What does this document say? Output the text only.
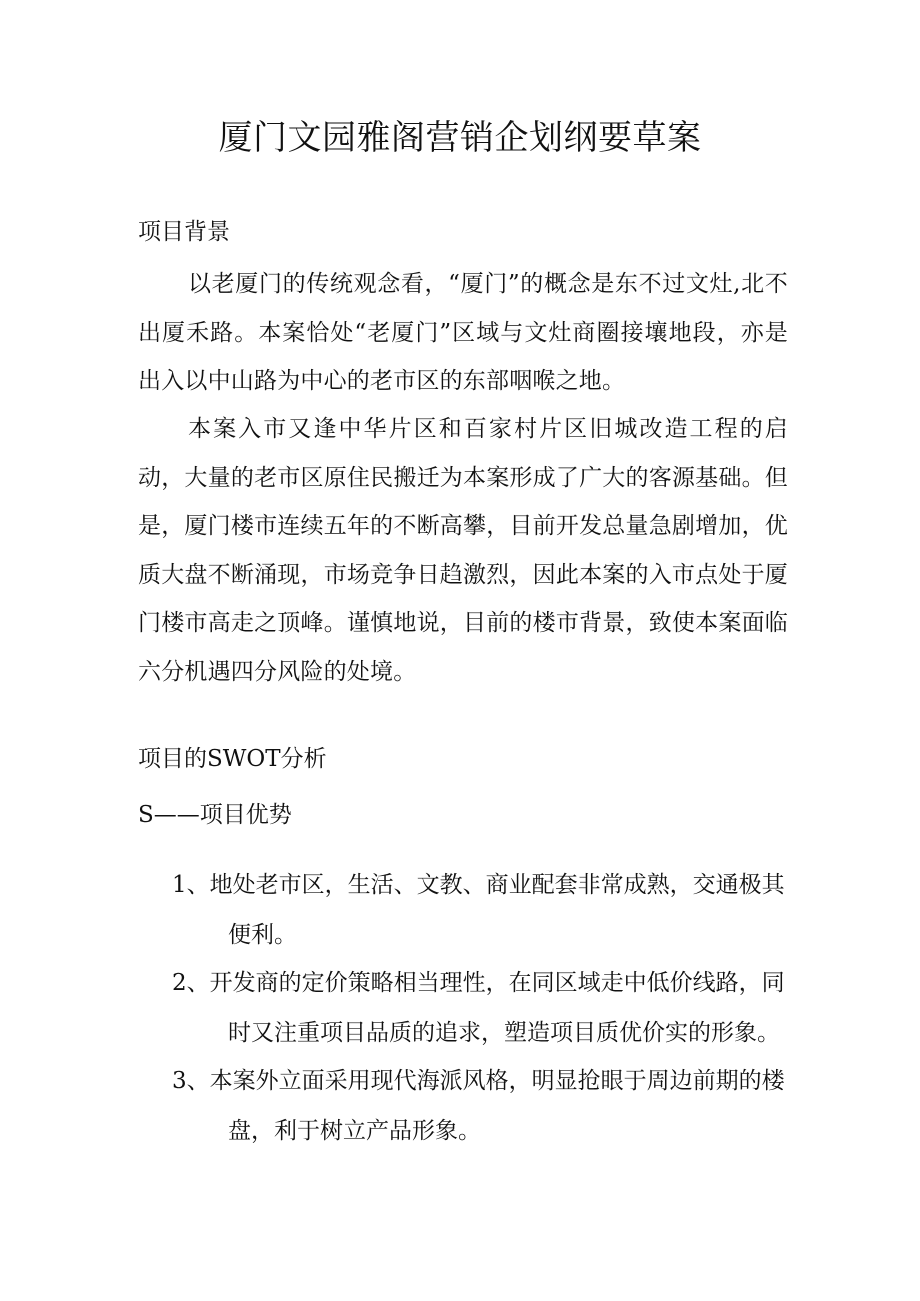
厦门文园雅阁营销企划纲要草案
项目背景
以老厦门的传统观念看，“厦门”的概念是东不过文灶,北不出厦禾路。本案恰处“老厦门”区域与文灶商圈接壤地段，亦是出入以中山路为中心的老市区的东部咽喉之地。
本案入市又逢中华片区和百家村片区旧城改造工程的启动，大量的老市区原住民搬迁为本案形成了广大的客源基础。但是，厦门楼市连续五年的不断高攀，目前开发总量急剧增加，优质大盘不断涌现，市场竞争日趋激烈，因此本案的入市点处于厦门楼市高走之顶峰。谨慎地说，目前的楼市背景，致使本案面临六分机遇四分风险的处境。
项目的SWOT分析
S——项目优势
1、地处老市区，生活、文教、商业配套非常成熟，交通极其
便利。
2、开发商的定价策略相当理性，在同区域走中低价线路，同
时又注重项目品质的追求，塑造项目质优价实的形象。
3、本案外立面采用现代海派风格，明显抢眼于周边前期的楼
盘，利于树立产品形象。
